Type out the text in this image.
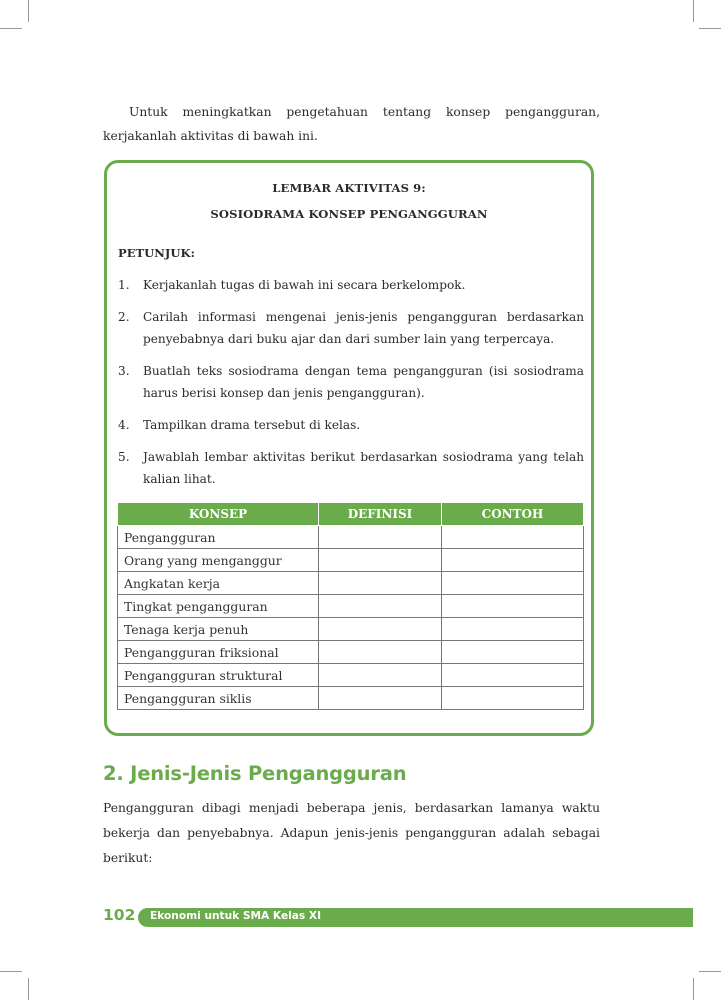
Untuk meningkatkan pengetahuan tentang konsep pengangguran, kerjakanlah aktivitas di bawah ini.

LEMBAR AKTIVITAS 9:
SOSIODRAMA KONSEP PENGANGGURAN
PETUNJUK:
1. Kerjakanlah tugas di bawah ini secara berkelompok.
2. Carilah informasi mengenai jenis-jenis pengangguran berdasarkan penyebabnya dari buku ajar dan dari sumber lain yang terpercaya.
3. Buatlah teks sosiodrama dengan tema pengangguran (isi sosiodrama harus berisi konsep dan jenis pengangguran).
4. Tampilkan drama tersebut di kelas.
5. Jawablah lembar aktivitas berikut berdasarkan sosiodrama yang telah kalian lihat.
KONSEP	DEFINISI	CONTOH
Pengangguran		
Orang yang menganggur		
Angkatan kerja		
Tingkat pengangguran		
Tenaga kerja penuh		
Pengangguran friksional		
Pengangguran struktural		
Pengangguran siklis		
2. Jenis-Jenis Pengangguran

Pengangguran dibagi menjadi beberapa jenis, berdasarkan lamanya waktu bekerja dan penyebabnya. Adapun jenis-jenis pengangguran adalah sebagai berikut:

102 Ekonomi untuk SMA Kelas XI
